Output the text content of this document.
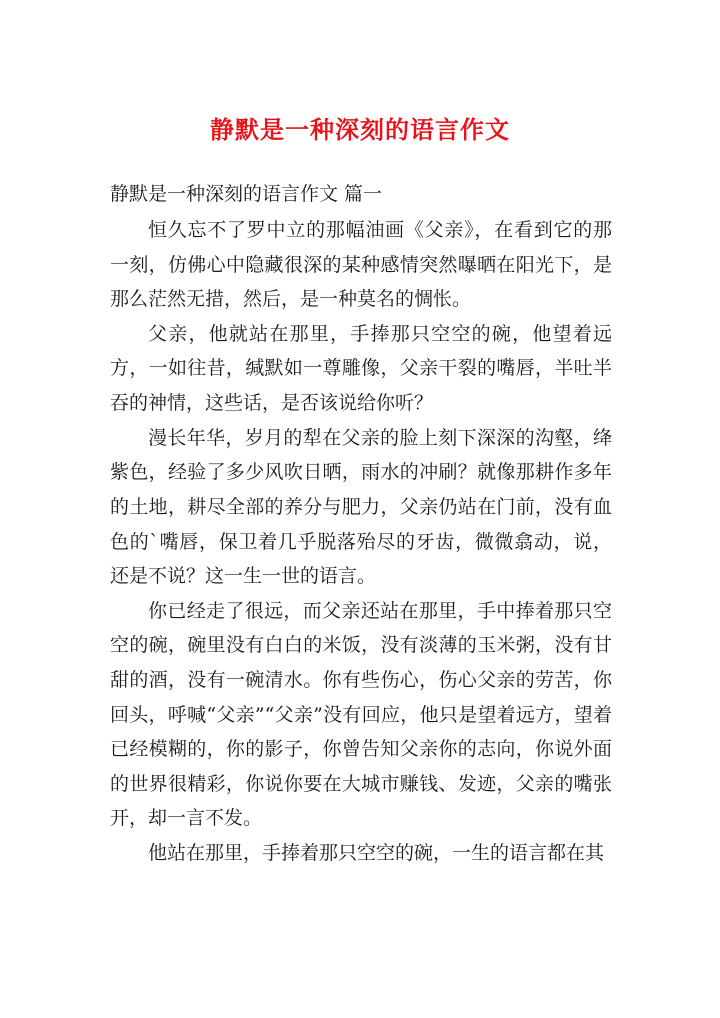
静默是一种深刻的语言作文
静默是一种深刻的语言作文 篇一

恒久忘不了罗中立的那幅油画《父亲》，在看到它的那一刻，仿佛心中隐藏很深的某种感情突然曝晒在阳光下，是那么茫然无措，然后，是一种莫名的惆怅。

父亲，他就站在那里，手捧那只空空的碗，他望着远方，一如往昔，缄默如一尊雕像，父亲干裂的嘴唇，半吐半吞的神情，这些话，是否该说给你听？

漫长年华，岁月的犁在父亲的脸上刻下深深的沟壑，绛紫色，经验了多少风吹日晒，雨水的冲刷？就像那耕作多年的土地，耕尽全部的养分与肥力，父亲仍站在门前，没有血色的`嘴唇，保卫着几乎脱落殆尽的牙齿，微微翕动，说，还是不说？这一生一世的语言。

你已经走了很远，而父亲还站在那里，手中捧着那只空空的碗，碗里没有白白的米饭，没有淡薄的玉米粥，没有甘甜的酒，没有一碗清水。你有些伤心，伤心父亲的劳苦，你回头，呼喊“父亲”“父亲”没有回应，他只是望着远方，望着已经模糊的，你的影子，你曾告知父亲你的志向，你说外面的世界很精彩，你说你要在大城市赚钱、发迹，父亲的嘴张开，却一言不发。

他站在那里，手捧着那只空空的碗，一生的语言都在其
